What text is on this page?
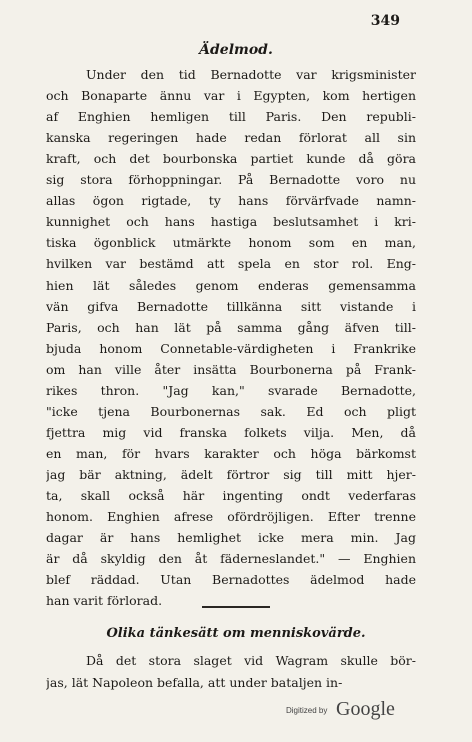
349
Ädelmod.
Under den tid Bernadotte var krigsminister
och Bonaparte ännu var i Egypten, kom hertigen
af Enghien hemligen till Paris. Den republi-
kanska regeringen hade redan förlorat all sin
kraft, och det bourbonska partiet kunde då göra
sig stora förhoppningar. På Bernadotte voro nu
allas ögon rigtade, ty hans förvärfvade namn-
kunnighet och hans hastiga beslutsamhet i kri-
tiska ögonblick utmärkte honom som en man,
hvilken var bestämd att spela en stor rol. Eng-
hien lät således genom enderas gemensamma
vän gifva Bernadotte tillkänna sitt vistande i
Paris, och han lät på samma gång äfven till-
bjuda honom Connetable-värdigheten i Frankrike
om han ville åter insätta Bourbonerna på Frank-
rikes thron. "Jag kan," svarade Bernadotte,
"icke tjena Bourbonernas sak. Ed och pligt
fjettra mig vid franska folkets vilja. Men, då
en man, för hvars karakter och höga bärkomst
jag bär aktning, ädelt förtror sig till mitt hjer-
ta, skall också här ingenting ondt vederfaras
honom. Enghien afrese ofördröjligen. Efter trenne
dagar är hans hemlighet icke mera min. Jag
är då skyldig den åt fäderneslandet." — Enghien
blef räddad. Utan Bernadottes ädelmod hade
han varit förlorad.
Olika tänkesätt om menniskovärde.
Då det stora slaget vid Wagram skulle bör-
jas, lät Napoleon befalla, att under bataljen in-
Digitized by Google
